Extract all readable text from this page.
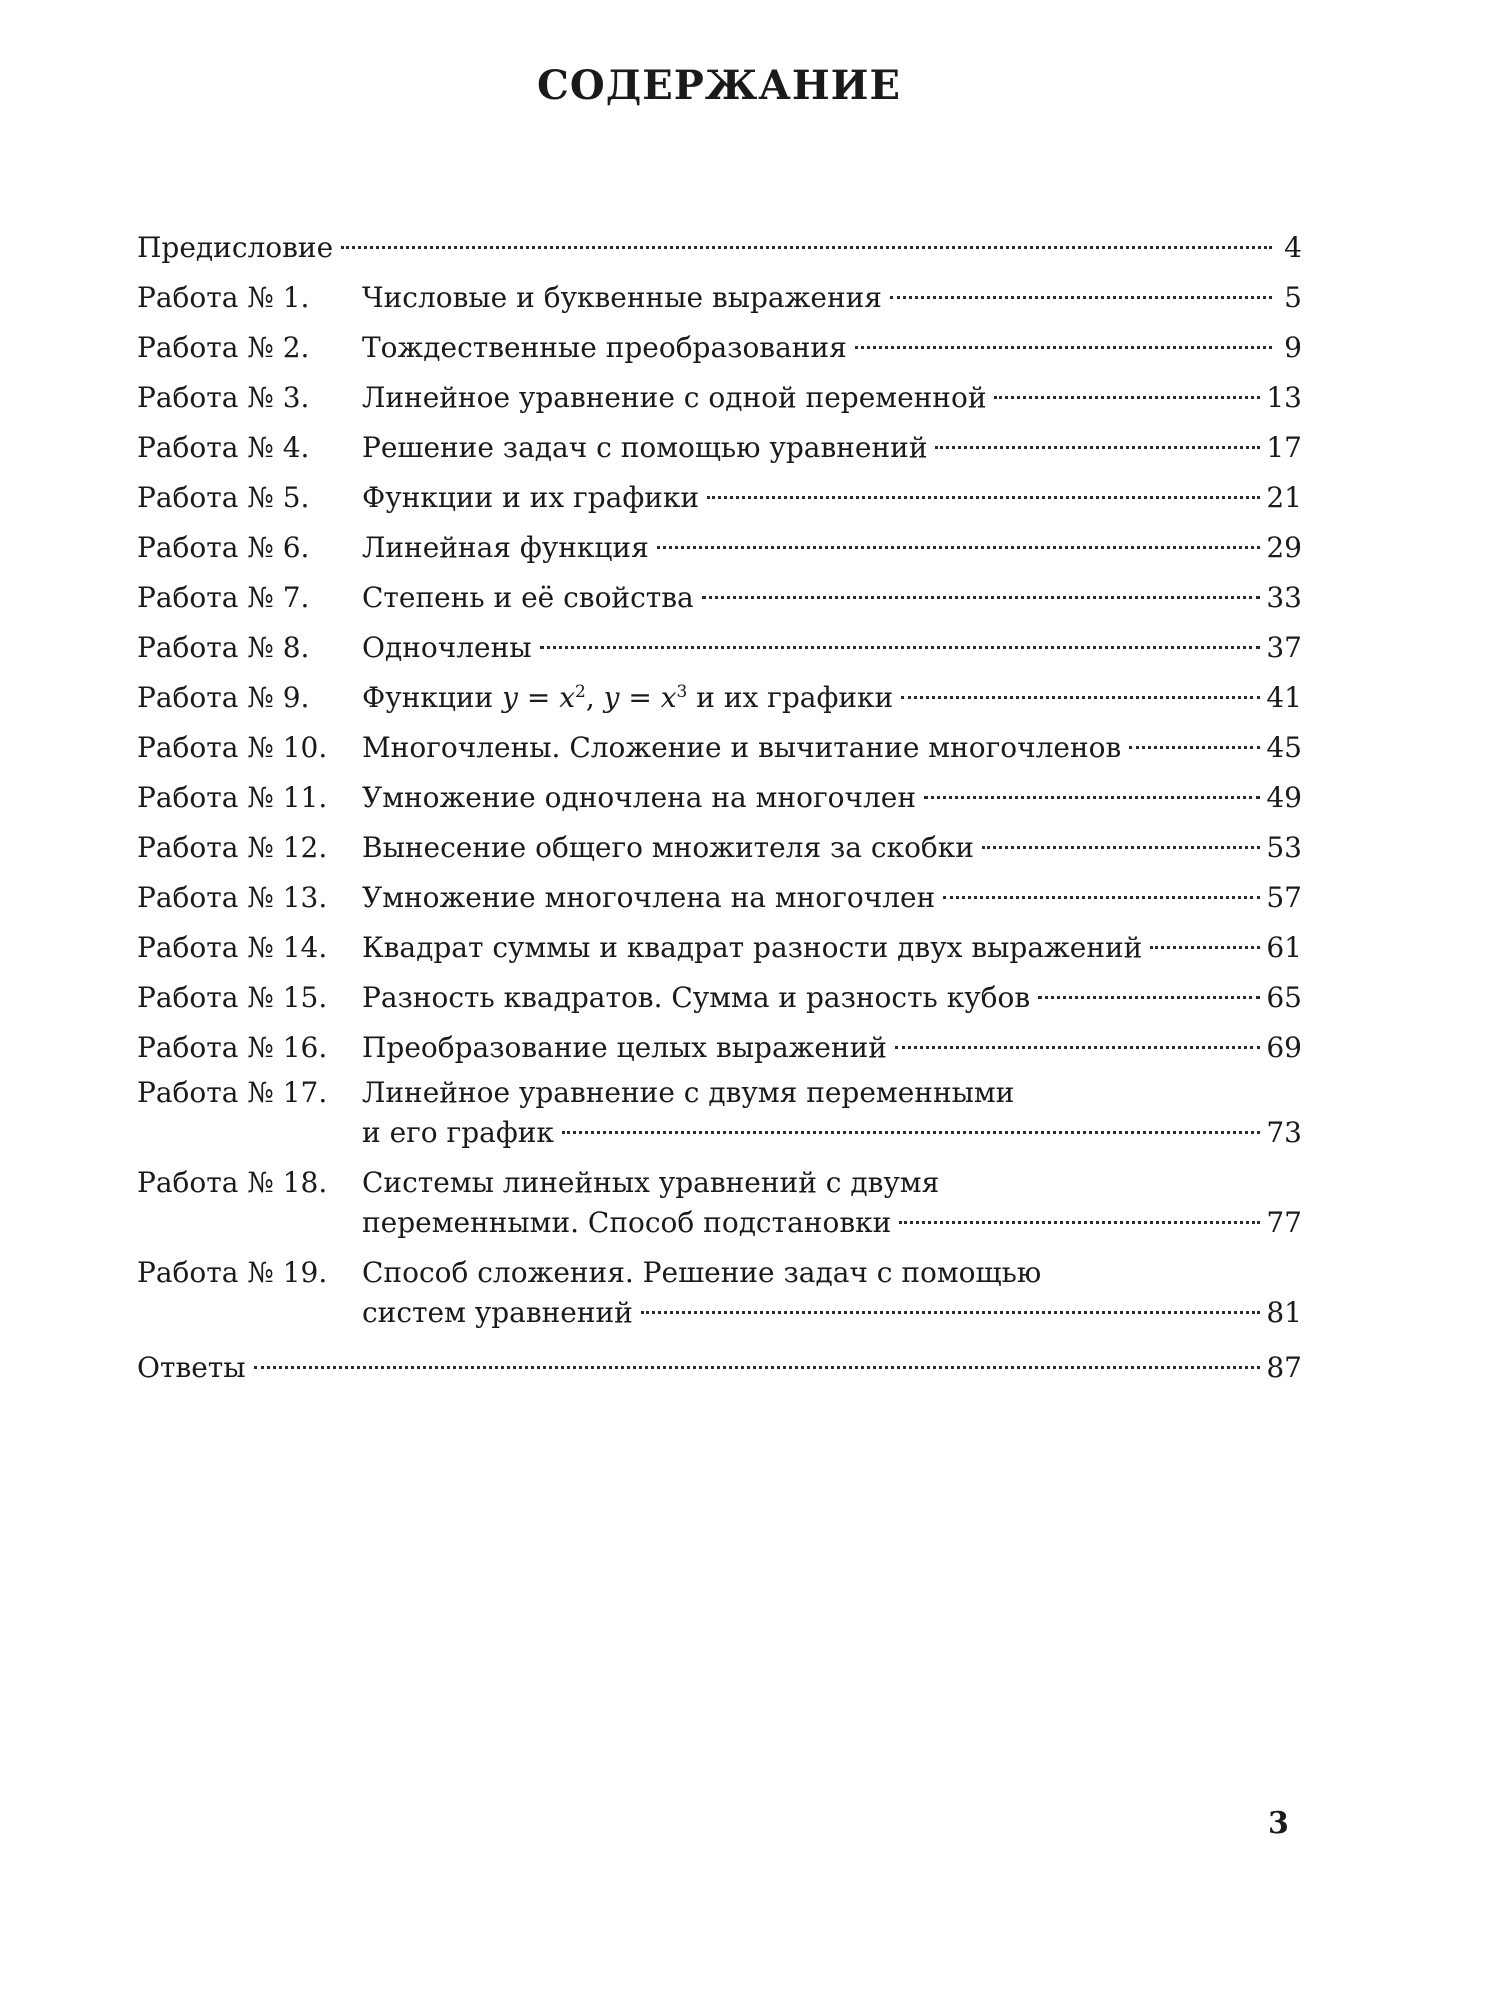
СОДЕРЖАНИЕ
Предисловие	4
Работа № 1.	Числовые и буквенные выражения	5
Работа № 2.	Тождественные преобразования	9
Работа № 3.	Линейное уравнение с одной переменной	13
Работа № 4.	Решение задач с помощью уравнений	17
Работа № 5.	Функции и их графики	21
Работа № 6.	Линейная функция	29
Работа № 7.	Степень и её свойства	33
Работа № 8.	Одночлены	37
Работа № 9.	Функции $y = x^2$, $y = x^3$ и их графики	41
Работа № 10.	Многочлены. Сложение и вычитание многочленов	45
Работа № 11.	Умножение одночлена на многочлен	49
Работа № 12.	Вынесение общего множителя за скобки	53
Работа № 13.	Умножение многочлена на многочлен	57
Работа № 14.	Квадрат суммы и квадрат разности двух выражений	61
Работа № 15.	Разность квадратов. Сумма и разность кубов	65
Работа № 16.	Преобразование целых выражений	69
Работа № 17.	Линейное уравнение с двумя переменными
и его график	73
Работа № 18.	Системы линейных уравнений с двумя
переменными. Способ подстановки	77
Работа № 19.	Способ сложения. Решение задач с помощью
систем уравнений	81
Ответы	87
3
